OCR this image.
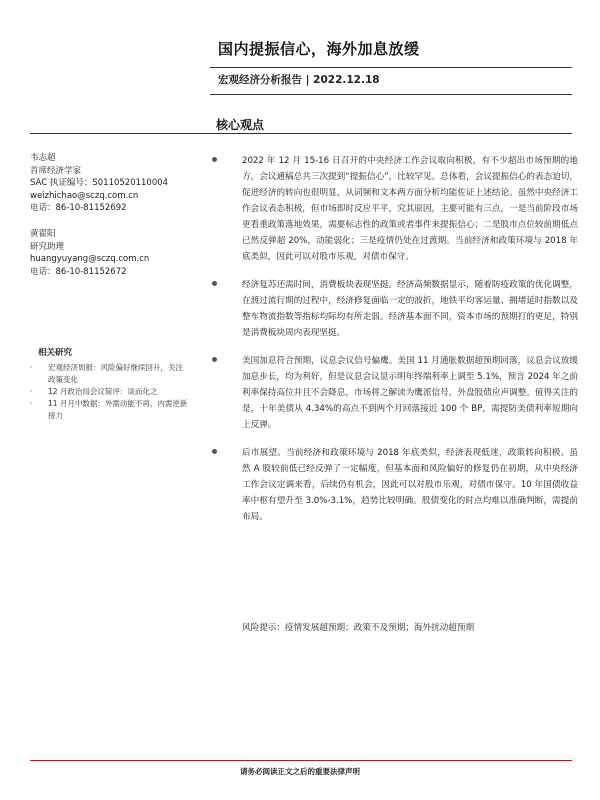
国内提振信心，海外加息放缓
宏观经济分析报告 | 2022.12.18
核心观点
韦志超
首席经济学家
SAC 执证编号：S0110520110004
weizhichao@sczq.com.cn
电话：86-10-81152692
黄翟阳
研究助理
huangyuyang@sczq.com.cn
电话：86-10-81152672
相关研究
· 宏观经济周报：风险偏好继续回升，关注政策变化
· 12 月政治局会议简评：谈而化之
· 11 月月中数据：外需动能不再，内需逆新接力
2022 年 12 月 15-16 日召开的中央经济工作会议取向积极，有不少超出市场预期的地方，会议通稿总共三次提到“提振信心”，比较罕见。总体看，会议提振信心的表态迫切，促进经济的转向也很明显，从词频和文本两方面分析均能佐证上述结论。虽然中央经济工作会议表态积极，但市场即时反应平平，究其原因，主要可能有三点，一是当前阶段市场更看重政策落地效果，需要标志性的政策或者事件来提振信心；二是股市点位较前期低点已然反弹超 20%，动能弱化；三是疫情仍处在过渡期。当前经济和政策环境与 2018 年底类似，因此可以对股市乐观，对债市保守。
经济复苏还需时间，消费板块表现坚挺。经济高频数据显示，随着防疫政策的优化调整，在渡过流行期的过程中，经济修复面临一定的波折，地铁平均客运量、拥堵延时指数以及整车物流指数等指标均际均有所走弱。经济基本面不同，资本市场的预期打的更足，特别是消费板块周内表现坚挺。
美国加息符合预期，议息会议信号偏鹰。美国 11 月通胀数据超预期回落，议息会议放缓加息步长，均为利好，但是议息会议显示明年终端利率上调至 5.1%，预言 2024 年之前利率保持高位并且不会降息，市场将之解读为鹰派信号，外盘股债应声调整。值得关注的是，十年美债从 4.34%的高点不到两个月回落接近 100 个 BP，需提防美债利率短期向上反弹。
后市展望。当前经济和政策环境与 2018 年底类似，经济表现低迷，政策转向积极。虽然 A 股较前低已经反弹了一定幅度，但基本面和风险偏好的修复仍在初期，从中央经济工作会议定调来看，后续仍有机会，因此可以对股市乐观，对债市保守。10 年国债收益率中枢有望升至 3.0%-3.1%，趋势比较明确。股债变化的时点均难以准确判断，需提前布局。
风险提示：疫情发展超预期；政策不及预期；海外扰动超预期
请务必阅读正文之后的重要法律声明
